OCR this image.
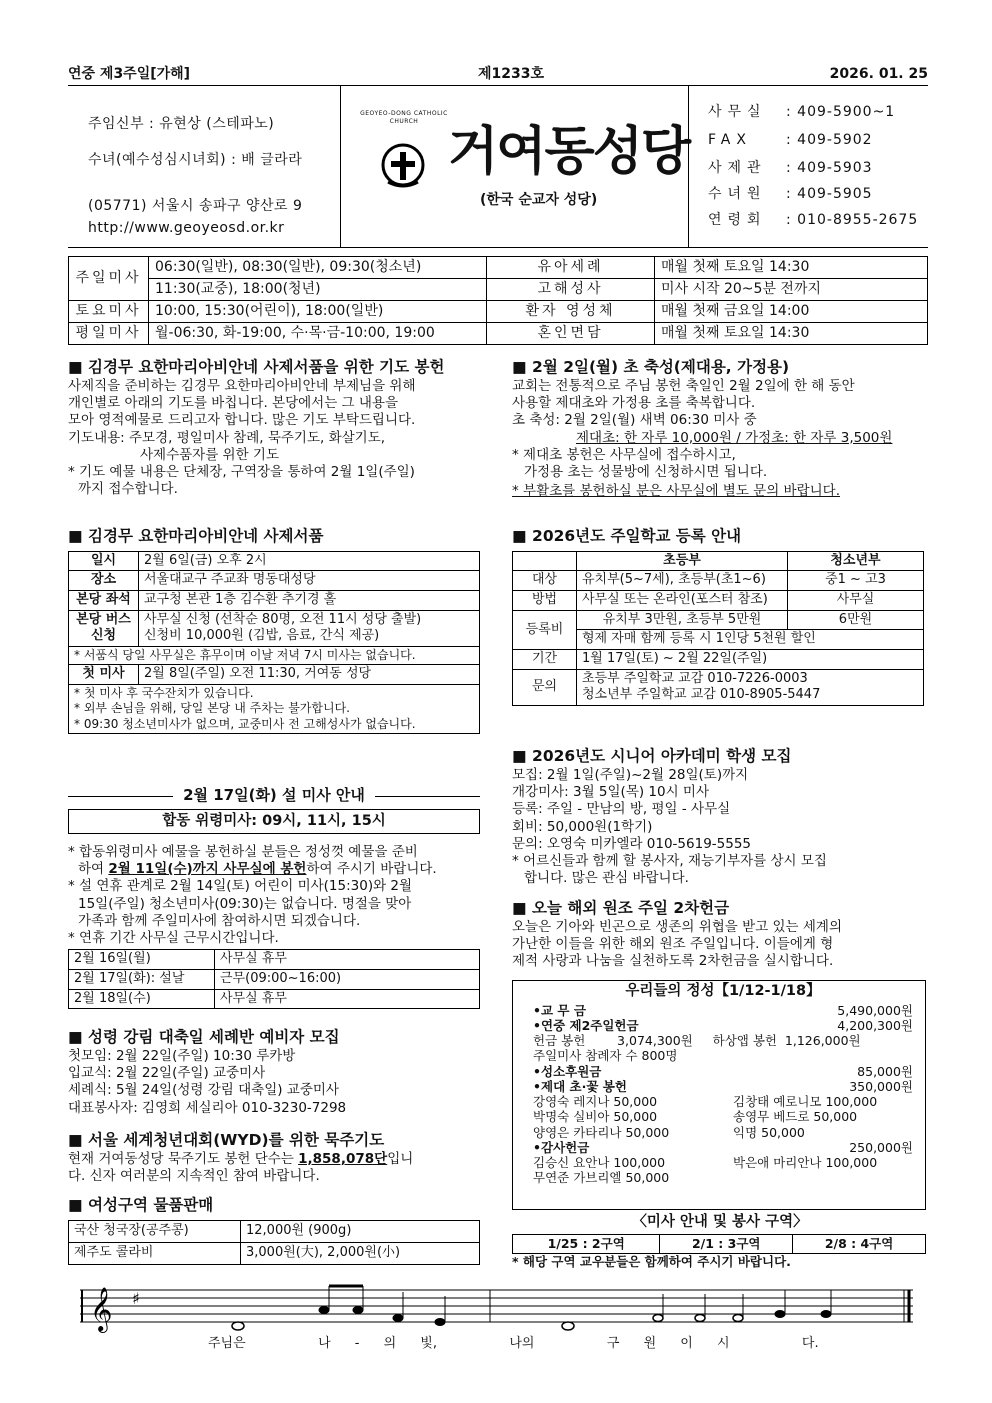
연중 제3주일[가해]	제1233호	2026. 01. 25
주임신부 : 유현상 (스테파노)
수녀(예수성심시녀회) : 배 글라라
(05771) 서울시 송파구 양산로 9
http://www.geoyeosd.or.kr
GEOYEO-DONG CATHOLIC CHURCH
거여동성당
(한국 순교자 성당)
사무실 : 409-5900~1
FAX : 409-5902
사제관 : 409-5903
수녀원 : 409-5905
연령회 : 010-8955-2675
주일미사	06:30(일반), 08:30(일반), 09:30(청소년)	유아세례	매월 첫째 토요일 14:30
	11:30(교중), 18:00(청년)	고해성사	미사 시작 20~5분 전까지
토요미사	10:00, 15:30(어린이), 18:00(일반)	환자 영성체	매월 첫째 금요일 14:00
평일미사	월-06:30, 화-19:00, 수·목·금-10:00, 19:00	혼인면담	매월 첫째 토요일 14:30
■ 김경무 요한마리아비안네 사제서품을 위한 기도 봉헌
사제직을 준비하는 김경무 요한마리아비안네 부제님을 위해
개인별로 아래의 기도를 바칩니다. 본당에서는 그 내용을
모아 영적예물로 드리고자 합니다. 많은 기도 부탁드립니다.
기도내용: 주모경, 평일미사 참례, 묵주기도, 화살기도,
사제수품자를 위한 기도
* 기도 예물 내용은 단체장, 구역장을 통하여 2월 1일(주일)
까지 접수합니다.
■ 김경무 요한마리아비안네 사제서품
일시	2월 6일(금) 오후 2시
장소	서울대교구 주교좌 명동대성당
본당 좌석	교구청 본관 1층 김수환 추기경 홀
본당 버스 신청	사무실 신청 (선착순 80명, 오전 11시 성당 출발)
신청비 10,000원 (김밥, 음료, 간식 제공)

* 서품식 당일 사무실은 휴무이며 이날 저녁 7시 미사는 없습니다.	
첫 미사	2월 8일(주일) 오전 11:30, 거여동 성당

* 첫 미사 후 국수잔치가 있습니다.
* 외부 손님을 위해, 당일 본당 내 주차는 불가합니다.
* 09:30 청소년미사가 없으며, 교중미사 전 고해성사가 없습니다.	
2월 17일(화) 설 미사 안내
합동 위령미사: 09시, 11시, 15시
* 합동위령미사 예물을 봉헌하실 분들은 정성껏 예물을 준비
하여 2월 11일(수)까지 사무실에 봉헌하여 주시기 바랍니다.
* 설 연휴 관계로 2월 14일(토) 어린이 미사(15:30)와 2월
15일(주일) 청소년미사(09:30)는 없습니다. 명절을 맞아
가족과 함께 주일미사에 참여하시면 되겠습니다.
* 연휴 기간 사무실 근무시간입니다.
2월 16일(월)	사무실 휴무
2월 17일(화): 설날	근무(09:00~16:00)
2월 18일(수)	사무실 휴무
■ 성령 강림 대축일 세례반 예비자 모집
첫모임: 2월 22일(주일) 10:30 루카방
입교식: 2월 22일(주일) 교중미사
세례식: 5월 24일(성령 강림 대축일) 교중미사
대표봉사자: 김영희 세실리아 010-3230-7298
■ 서울 세계청년대회(WYD)를 위한 묵주기도
현재 거여동성당 묵주기도 봉헌 단수는 1,858,078단입니
다. 신자 여러분의 지속적인 참여 바랍니다.
■ 여성구역 물품판매
국산 청국장(공주콩)	12,000원 (900g)
제주도 콜라비	3,000원(大), 2,000원(小)
■ 2월 2일(월) 초 축성(제대용, 가정용)
교회는 전통적으로 주님 봉헌 축일인 2월 2일에 한 해 동안
사용할 제대초와 가정용 초를 축복합니다.
초 축성: 2월 2일(월) 새벽 06:30 미사 중
제대초: 한 자루 10,000원 / 가정초: 한 자루 3,500원
* 제대초 봉헌은 사무실에 접수하시고,
가정용 초는 성물방에 신청하시면 됩니다.
* 부활초를 봉헌하실 분은 사무실에 별도 문의 바랍니다.
■ 2026년도 주일학교 등록 안내
	초등부	청소년부
대상	유치부(5~7세), 초등부(초1~6)	중1 ~ 고3
방법	사무실 또는 온라인(포스터 참조)	사무실
등록비	유치부 3만원, 초등부 5만원	6만원
	형제 자매 함께 등록 시 1인당 5천원 할인	
기간	1월 17일(토) ~ 2월 22일(주일)	
문의	초등부 주일학교 교감 010-7226-0003
청소년부 주일학교 교감 010-8905-5447	
■ 2026년도 시니어 아카데미 학생 모집
모집: 2월 1일(주일)~2월 28일(토)까지
개강미사: 3월 5일(목) 10시 미사
등록: 주일 - 만남의 방, 평일 - 사무실
회비: 50,000원(1학기)
문의: 오영숙 미카엘라 010-5619-5555
* 어르신들과 함께 할 봉사자, 재능기부자를 상시 모집
합니다. 많은 관심 바랍니다.
■ 오늘 해외 원조 주일 2차헌금
오늘은 기아와 빈곤으로 생존의 위협을 받고 있는 세계의
가난한 이들을 위한 해외 원조 주일입니다. 이들에게 형
제적 사랑과 나눔을 실천하도록 2차헌금을 실시합니다.
우리들의 정성【1/12-1/18】
•교 무 금	5,490,000원
•연중 제2주일헌금	4,200,300원
헌금 봉헌        3,074,300원     하상앱 봉헌  1,126,000원
주일미사 참례자 수 800명
•성소후원금	85,000원
•제대 초·꽃 봉헌	350,000원
강영숙 레지나 50,000	김창태 예로니모 100,000
박명숙 실비아 50,000	송영무 베드로 50,000
양영은 카타리나 50,000	익명 50,000
•감사헌금	250,000원
김승신 요안나 100,000	박은애 마리안나 100,000
무연준 가브리엘 50,000
〈미사 안내 및 봉사 구역〉
1/25 : 2구역	2/1 : 3구역	2/8 : 4구역
* 해당 구역 교우분들은 함께하여 주시기 바랍니다.
𝄞 ♯
주님은   나 - 의 빛,   나의   구 원 이 시   다.
